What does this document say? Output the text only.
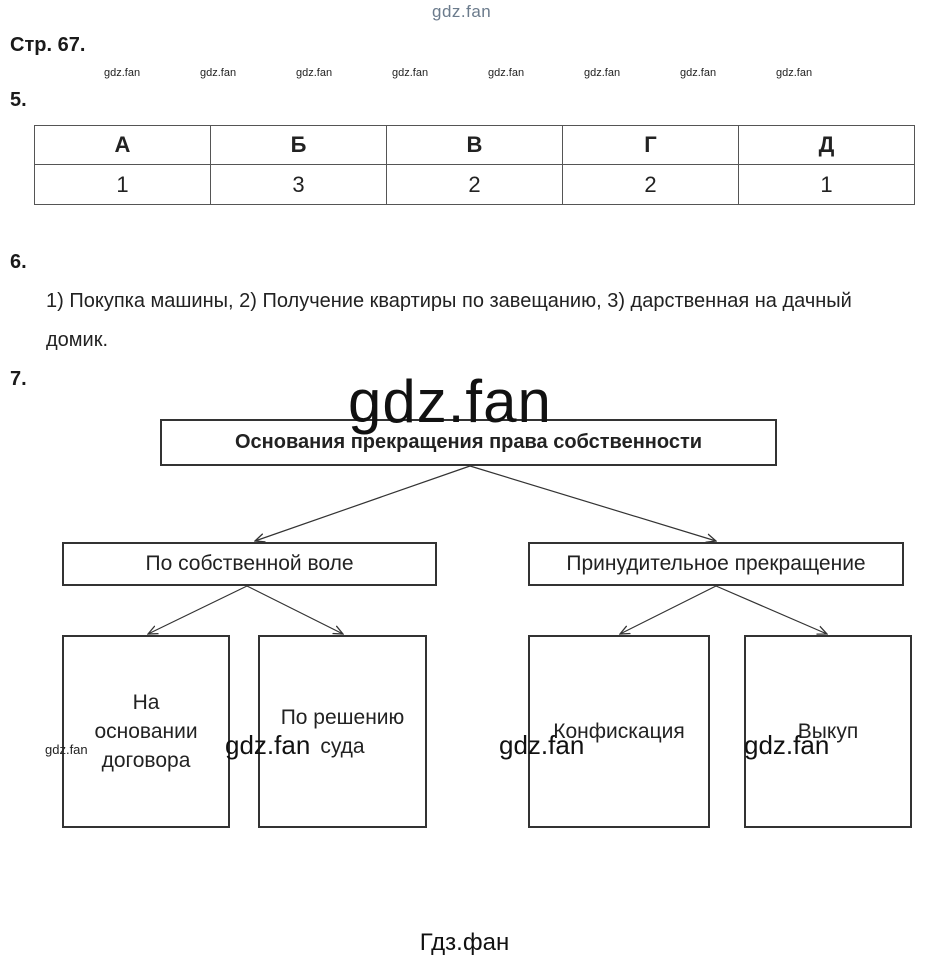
gdz.fan
Стр. 67.
gdz.fan	gdz.fan	gdz.fan	gdz.fan	gdz.fan	gdz.fan	gdz.fan	gdz.fan
5.
А	Б	В	Г	Д
1	3	2	2	1
6.
1) Покупка машины, 2) Получение квартиры по завещанию, 3) дарственная на дачный домик.
7.
Основания прекращения права собственности
По собственной воле	Принудительное прекращение
На основании договора
По решению суда
Конфискация	Выкуп
gdz.fan
gdz.fan	gdz.fan	gdz.fan	gdz.fan
Гдз.фан
